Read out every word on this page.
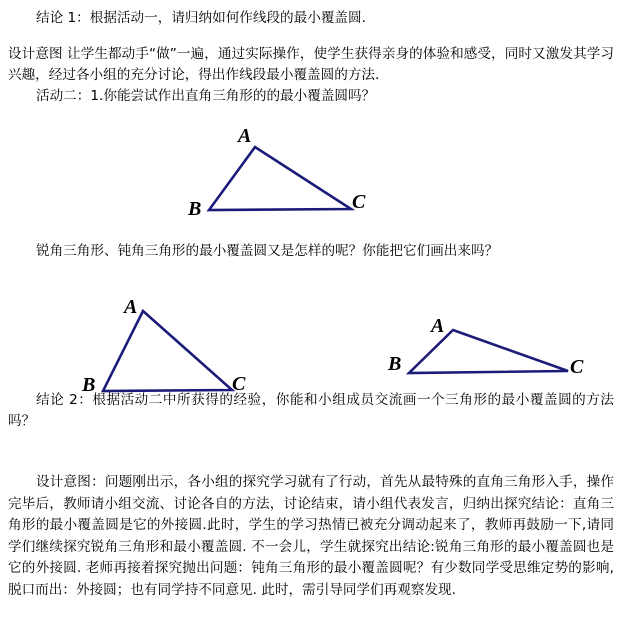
结论 1：根据活动一，请归纳如何作线段的最小覆盖圆.
设计意图 让学生都动手“做”一遍，通过实际操作，使学生获得亲身的体验和感受，同时又激发其学习兴趣，经过各小组的充分讨论，得出作线段最小覆盖圆的方法.
活动二：1.你能尝试作出直角三角形的的最小覆盖圆吗？
A
B	C
锐角三角形、钝角三角形的最小覆盖圆又是怎样的呢？你能把它们画出来吗？
A
B	C
A
B	C
结论 2：根据活动二中所获得的经验，你能和小组成员交流画一个三角形的最小覆盖圆的方法吗？
设计意图：问题刚出示，各小组的探究学习就有了行动，首先从最特殊的直角三角形入手，操作完毕后，教师请小组交流、讨论各自的方法，讨论结束，请小组代表发言，归纳出探究结论：直角三角形的最小覆盖圆是它的外接圆.此时，学生的学习热情已被充分调动起来了，教师再鼓励一下,请同学们继续探究锐角三角形和最小覆盖圆. 不一会儿，学生就探究出结论:锐角三角形的最小覆盖圆也是它的外接圆. 老师再接着探究抛出问题：钝角三角形的最小覆盖圆呢？有少数同学受思维定势的影响,脱口而出：外接圆；也有同学持不同意见. 此时，需引导同学们再观察发现.
